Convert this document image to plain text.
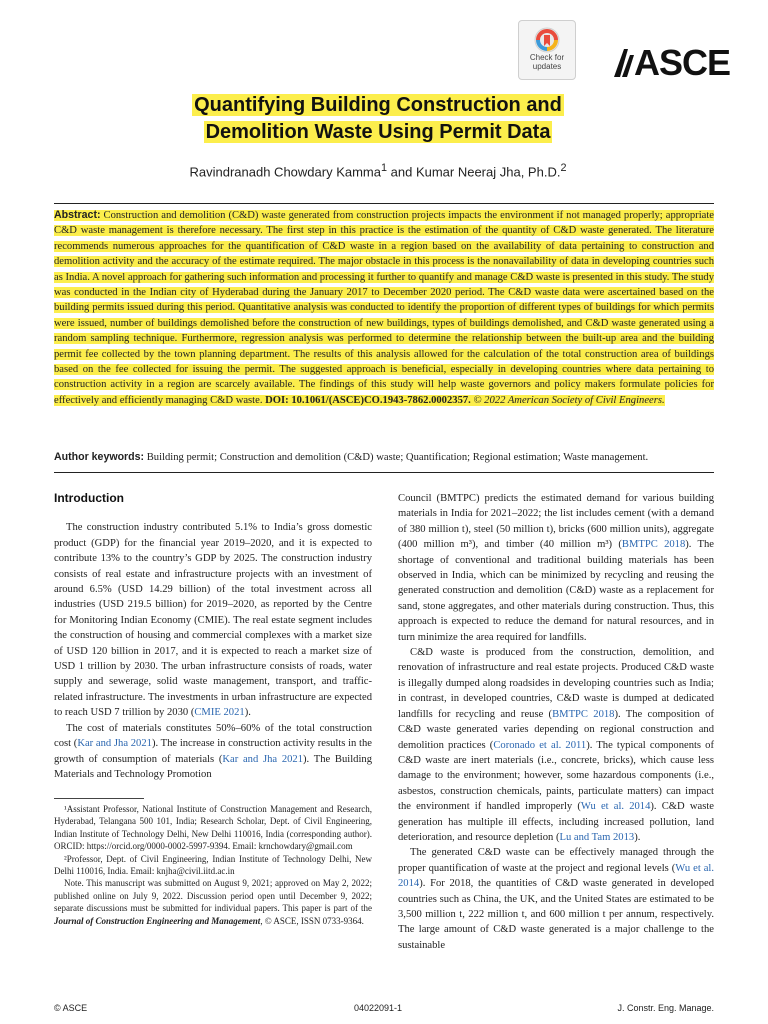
Check for
updates	ASCE
Quantifying Building Construction and
Demolition Waste Using Permit Data
Ravindranadh Chowdary Kamma$^1$ and Kumar Neeraj Jha, Ph.D.$^2$
Abstract: Construction and demolition (C&D) waste generated from construction projects impacts the environment if not managed properly; appropriate C&D waste management is therefore necessary. The first step in this practice is the estimation of the quantity of C&D waste generated. The literature recommends numerous approaches for the quantification of C&D waste in a region based on the availability of data pertaining to construction and demolition activity and the accuracy of the estimate required. The major obstacle in this process is the nonavailability of data in developing countries such as India. A novel approach for gathering such information and processing it further to quantify and manage C&D waste is presented in this study. The study was conducted in the Indian city of Hyderabad during the January 2017 to December 2020 period. The C&D waste data were ascertained based on the building permits issued during this period. Quantitative analysis was conducted to identify the proportion of different types of buildings for which permits were issued, number of buildings demolished before the construction of new buildings, types of buildings demolished, and C&D waste generated using a random sampling technique. Furthermore, regression analysis was performed to determine the relationship between the built-up area and the building permit fee collected by the town planning department. The results of this analysis allowed for the calculation of the total construction area of buildings based on the fee collected for issuing the permit. The suggested approach is beneficial, especially in developing countries where data pertaining to construction activity in a region are scarcely available. The findings of this study will help waste governors and policy makers formulate policies for effectively and efficiently managing C&D waste. DOI: 10.1061/(ASCE)CO.1943-7862.0002357. © 2022 American Society of Civil Engineers.
Author keywords: Building permit; Construction and demolition (C&D) waste; Quantification; Regional estimation; Waste management.
Introduction

The construction industry contributed 5.1% to India’s gross domestic product (GDP) for the financial year 2019–2020, and it is expected to contribute 13% to the country’s GDP by 2025. The construction industry consists of real estate and infrastructure projects with an investment of around 6.5% (USD 14.29 billion) of the total investment across all industries (USD 219.5 billion) for 2019–2020, as reported by the Centre for Monitoring Indian Economy (CMIE). The real estate segment includes the construction of housing and commercial complexes with a market size of USD 120 billion in 2017, and it is expected to reach a market size of USD 1 trillion by 2030. The urban infrastructure consists of roads, water supply and sewerage, solid waste management, transport, and traffic-related infrastructure. The investments in urban infrastructure are expected to reach USD 7 trillion by 2030 (CMIE 2021).

The cost of materials constitutes 50%–60% of the total construction cost (Kar and Jha 2021). The increase in construction activity results in the growth of consumption of materials (Kar and Jha 2021). The Building Materials and Technology Promotion

¹Assistant Professor, National Institute of Construction Management and Research, Hyderabad, Telangana 500 101, India; Research Scholar, Dept. of Civil Engineering, Indian Institute of Technology Delhi, New Delhi 110016, India (corresponding author). ORCID: https://orcid.org/0000-0002-5997-9394. Email: krnchowdary@gmail.com

²Professor, Dept. of Civil Engineering, Indian Institute of Technology Delhi, New Delhi 110016, India. Email: knjha@civil.iitd.ac.in

Note. This manuscript was submitted on August 9, 2021; approved on May 2, 2022; published online on July 9, 2022. Discussion period open until December 9, 2022; separate discussions must be submitted for individual papers. This paper is part of the Journal of Construction Engineering and Management, © ASCE, ISSN 0733-9364.

Council (BMTPC) predicts the estimated demand for various building materials in India for 2021–2022; the list includes cement (with a demand of 380 million t), steel (50 million t), bricks (600 million units), aggregate (400 million m³), and timber (40 million m³) (BMTPC 2018). The shortage of conventional and traditional building materials has been observed in India, which can be minimized by recycling and reusing the generated construction and demolition (C&D) waste as a replacement for sand, stone aggregates, and other materials during construction. Thus, this approach is expected to reduce the demand for natural resources, and in turn minimize the area required for landfills.

C&D waste is produced from the construction, demolition, and renovation of infrastructure and real estate projects. Produced C&D waste is illegally dumped along roadsides in developing countries such as India; in contrast, in developed countries, C&D waste is dumped at dedicated landfills for recycling and reuse (BMTPC 2018). The composition of C&D waste generated varies depending on regional construction and demolition practices (Coronado et al. 2011). The typical components of C&D waste are inert materials (i.e., concrete, bricks), which cause less damage to the environment; however, some hazardous components (i.e., asbestos, construction chemicals, paints, particulate matters) can impact the environment if handled improperly (Wu et al. 2014). C&D waste generation has multiple ill effects, including increased pollution, land deterioration, and resource depletion (Lu and Tam 2013).

The generated C&D waste can be effectively managed through the proper quantification of waste at the project and regional levels (Wu et al. 2014). For 2018, the quantities of C&D waste generated in developed countries such as China, the UK, and the United States are estimated to be 3,500 million t, 222 million t, and 600 million t per annum, respectively. The large amount of C&D waste generated is a major challenge to the sustainable

© ASCE	04022091-1	J. Constr. Eng. Manage.
